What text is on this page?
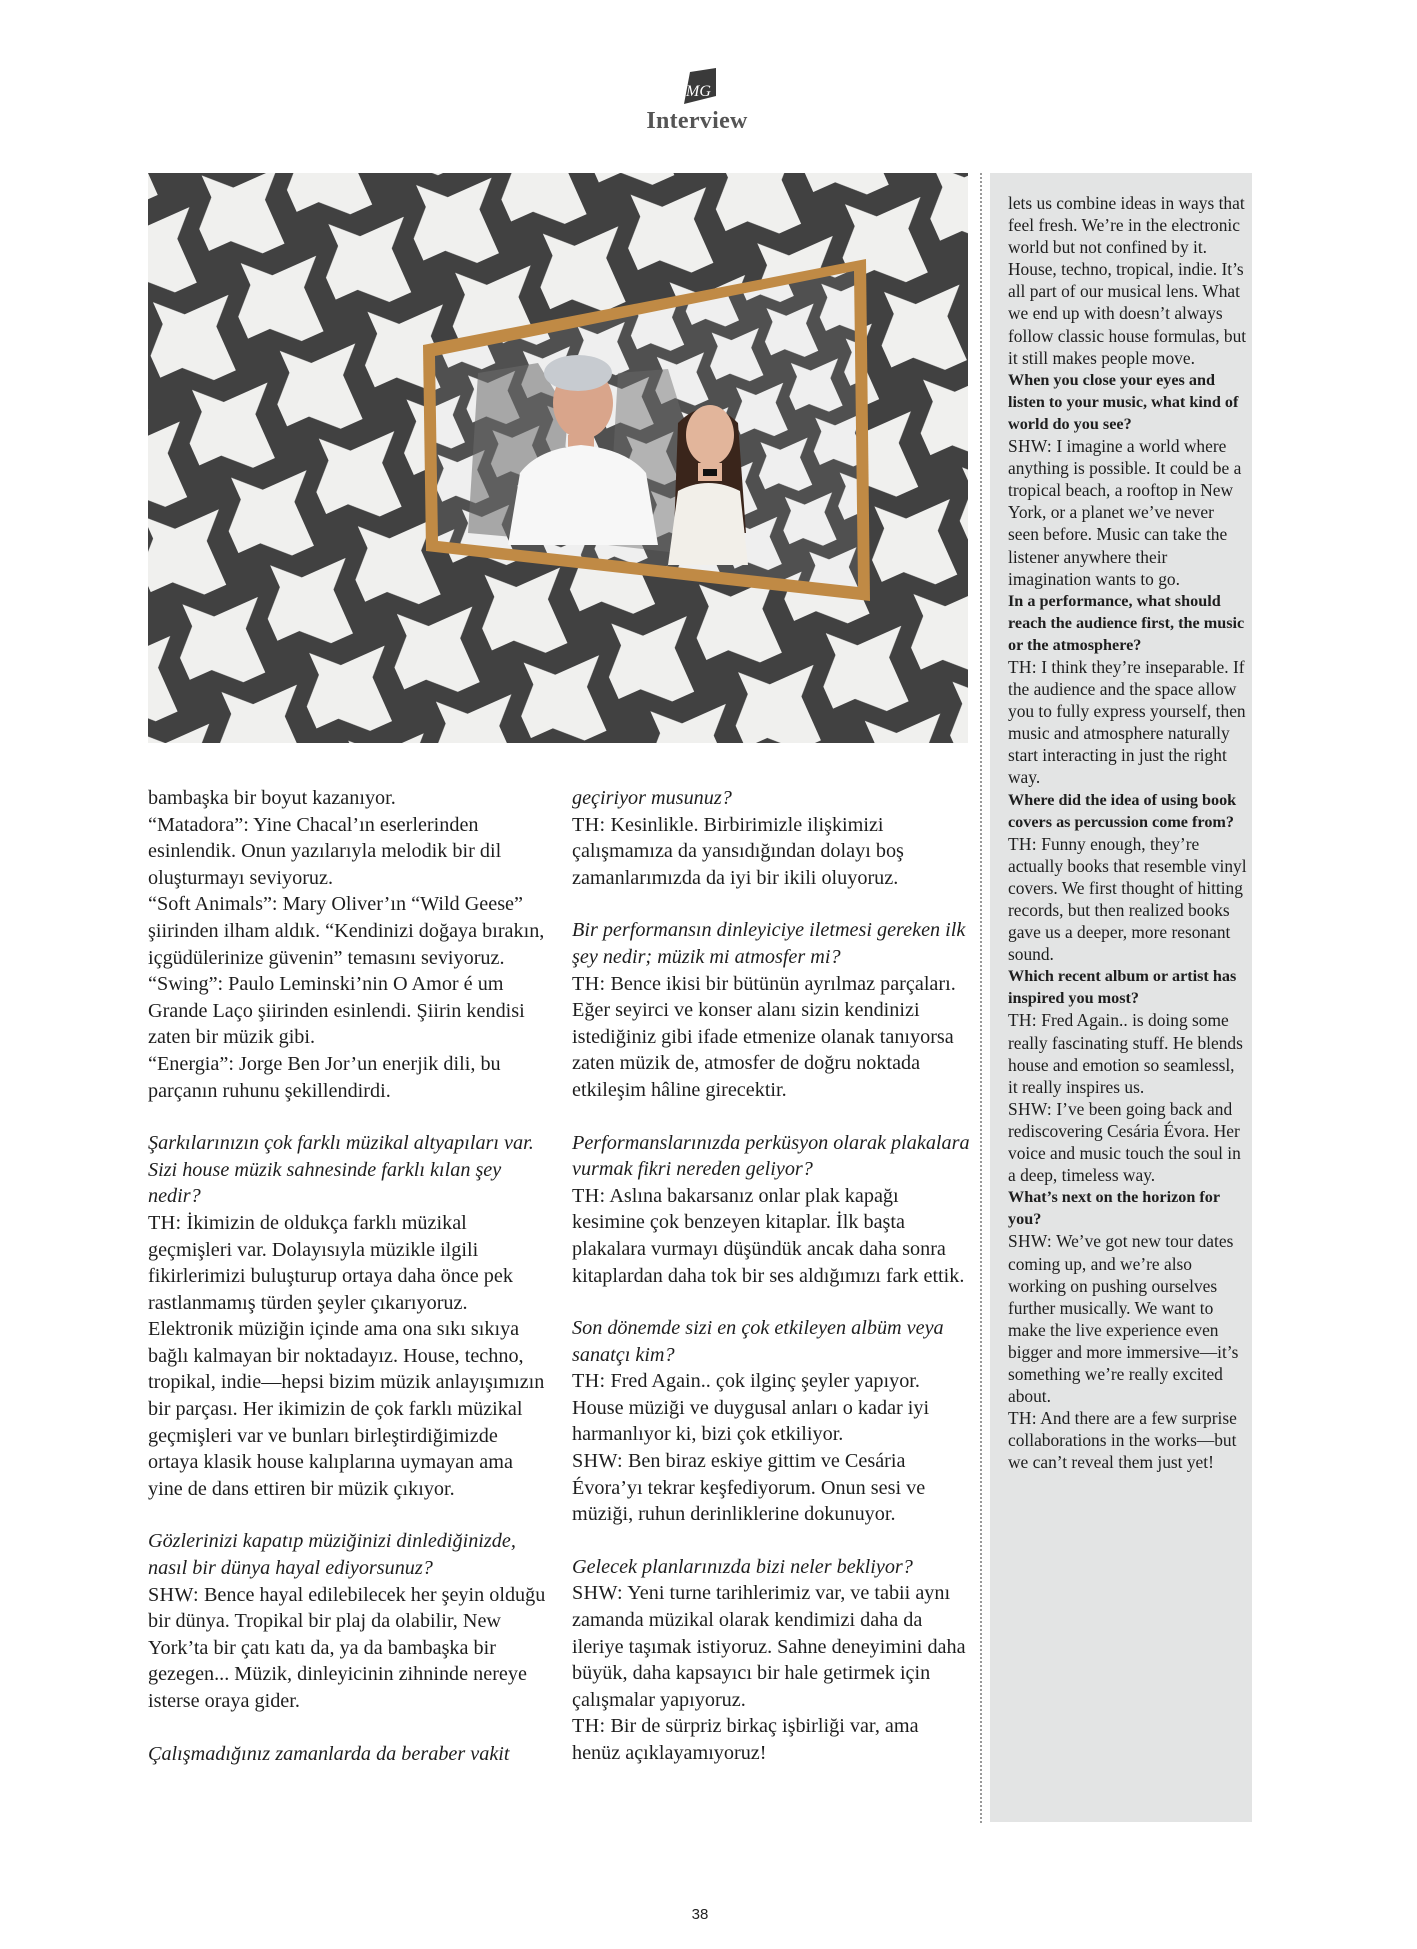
MG
Interview

bambaşka bir boyut kazanıyor.

“Matadora”: Yine Chacal’ın eserlerinden esinlendik. Onun yazılarıyla melodik bir dil oluşturmayı seviyoruz.

“Soft Animals”: Mary Oliver’ın “Wild Geese” şiirinden ilham aldık. “Kendinizi doğaya bırakın, içgüdülerinize güvenin” temasını seviyoruz.

“Swing”: Paulo Leminski’nin O Amor é um Grande Laço şiirinden esinlendi. Şiirin kendisi zaten bir müzik gibi.

“Energia”: Jorge Ben Jor’un enerjik dili, bu parçanın ruhunu şekillendirdi.

Şarkılarınızın çok farklı müzikal altyapıları var. Sizi house müzik sahnesinde farklı kılan şey nedir?

TH: İkimizin de oldukça farklı müzikal geçmişleri var. Dolayısıyla müzikle ilgili fikirlerimizi buluşturup ortaya daha önce pek rastlanmamış türden şeyler çıkarıyoruz. Elektronik müziğin içinde ama ona sıkı sıkıya bağlı kalmayan bir noktadayız. House, techno, tropikal, indie—hepsi bizim müzik anlayışımızın bir parçası. Her ikimizin de çok farklı müzikal geçmişleri var ve bunları birleştirdiğimizde ortaya klasik house kalıplarına uymayan ama yine de dans ettiren bir müzik çıkıyor.

Gözlerinizi kapatıp müziğinizi dinlediğinizde, nasıl bir dünya hayal ediyorsunuz?

SHW: Bence hayal edilebilecek her şeyin olduğu bir dünya. Tropikal bir plaj da olabilir, New York’ta bir çatı katı da, ya da bambaşka bir gezegen... Müzik, dinleyicinin zihninde nereye isterse oraya gider.

Çalışmadığınız zamanlarda da beraber vakit

geçiriyor musunuz?

TH: Kesinlikle. Birbirimizle ilişkimizi çalışmamıza da yansıdığından dolayı boş zamanlarımızda da iyi bir ikili oluyoruz.

Bir performansın dinleyiciye iletmesi gereken ilk şey nedir; müzik mi atmosfer mi?

TH: Bence ikisi bir bütünün ayrılmaz parçaları. Eğer seyirci ve konser alanı sizin kendinizi istediğiniz gibi ifade etmenize olanak tanıyorsa zaten müzik de, atmosfer de doğru noktada etkileşim hâline girecektir.

Performanslarınızda perküsyon olarak plakalara vurmak fikri nereden geliyor?

TH: Aslına bakarsanız onlar plak kapağı kesimine çok benzeyen kitaplar. İlk başta plakalara vurmayı düşündük ancak daha sonra kitaplardan daha tok bir ses aldığımızı fark ettik.

Son dönemde sizi en çok etkileyen albüm veya sanatçı kim?

TH: Fred Again.. çok ilginç şeyler yapıyor. House müziği ve duygusal anları o kadar iyi harmanlıyor ki, bizi çok etkiliyor.

SHW: Ben biraz eskiye gittim ve Cesária Évora’yı tekrar keşfediyorum. Onun sesi ve müziği, ruhun derinliklerine dokunuyor.

Gelecek planlarınızda bizi neler bekliyor?

SHW: Yeni turne tarihlerimiz var, ve tabii aynı zamanda müzikal olarak kendimizi daha da ileriye taşımak istiyoruz. Sahne deneyimini daha büyük, daha kapsayıcı bir hale getirmek için çalışmalar yapıyoruz.

TH: Bir de sürpriz birkaç işbirliği var, ama henüz açıklayamıyoruz!

lets us combine ideas in ways that feel fresh. We’re in the electronic world but not confined by it. House, techno, tropical, indie. It’s all part of our musical lens. What we end up with doesn’t always follow classic house formulas, but it still makes people move.

When you close your eyes and listen to your music, what kind of world do you see?

SHW: I imagine a world where anything is possible. It could be a tropical beach, a rooftop in New York, or a planet we’ve never seen before. Music can take the listener anywhere their imagination wants to go.

In a performance, what should reach the audience first, the music or the atmosphere?

TH: I think they’re inseparable. If the audience and the space allow you to fully express yourself, then music and atmosphere naturally start interacting in just the right way.

Where did the idea of using book covers as percussion come from?

TH: Funny enough, they’re actually books that resemble vinyl covers. We first thought of hitting records, but then realized books gave us a deeper, more resonant sound.

Which recent album or artist has inspired you most?

TH: Fred Again.. is doing some really fascinating stuff. He blends house and emotion so seamlessl, it really inspires us.

SHW: I’ve been going back and rediscovering Cesária Évora. Her voice and music touch the soul in a deep, timeless way.

What’s next on the horizon for you?

SHW: We’ve got new tour dates coming up, and we’re also working on pushing ourselves further musically. We want to make the live experience even bigger and more immersive—it’s something we’re really excited about.

TH: And there are a few surprise collaborations in the works—but we can’t reveal them just yet!

38
